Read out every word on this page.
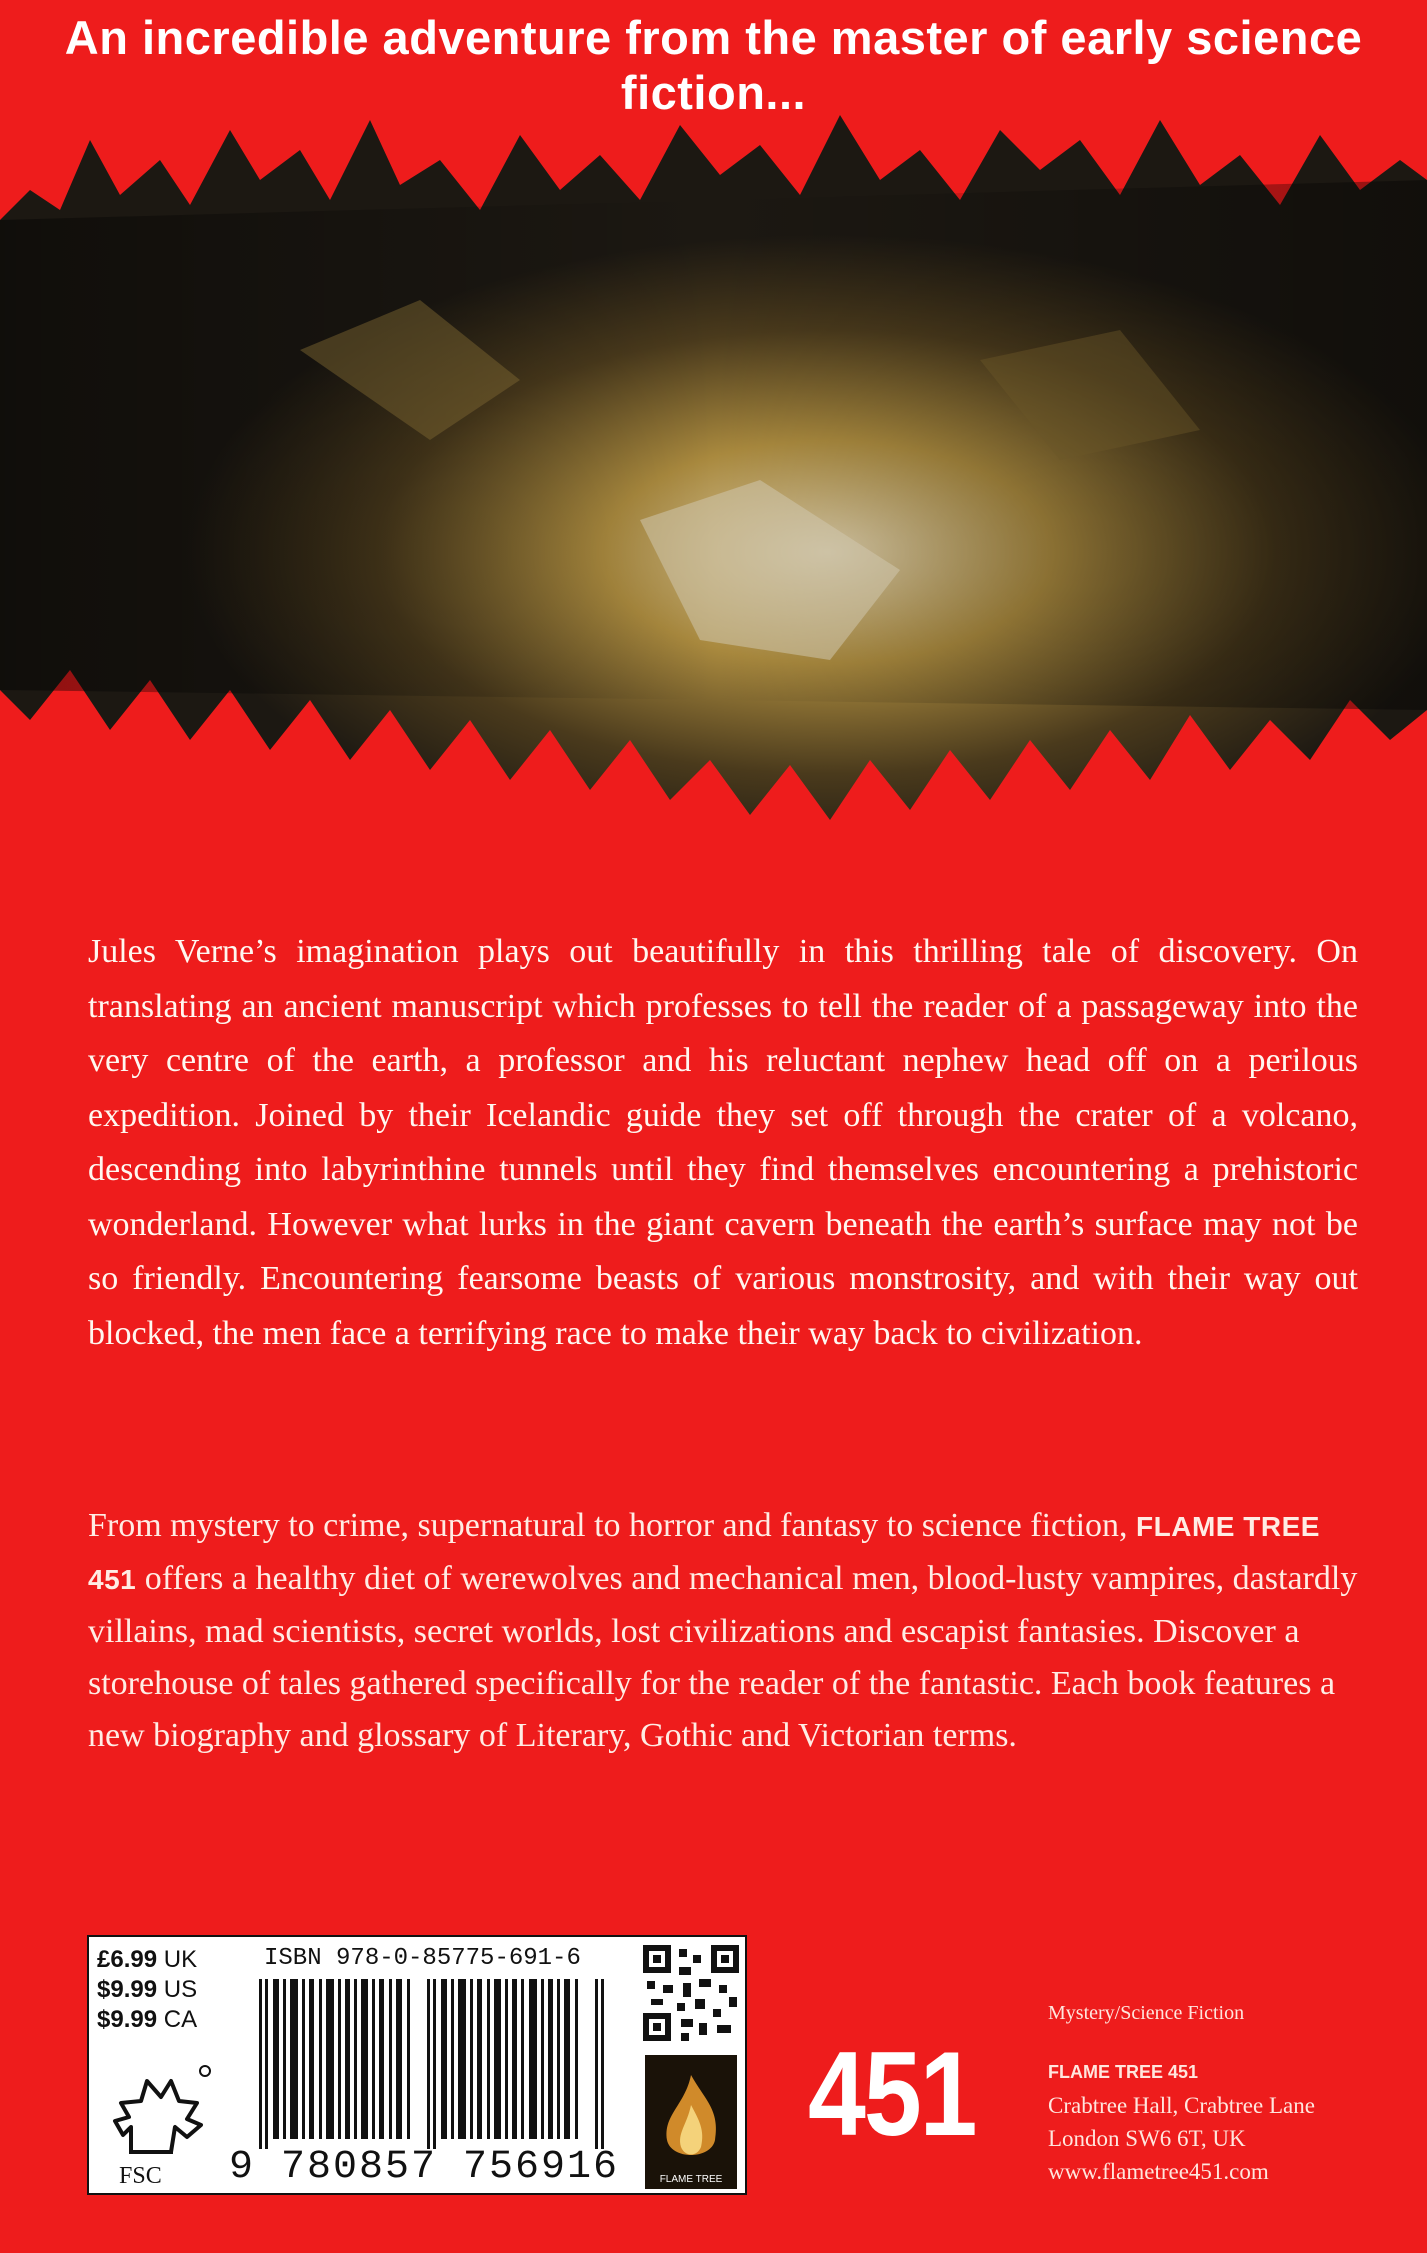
An incredible adventure from the master of early science fiction...
Jules Verne’s imagination plays out beautifully in this thrilling tale of discovery. On translating an ancient manuscript which professes to tell the reader of a passageway into the very centre of the earth, a professor and his reluctant nephew head off on a perilous expedition. Joined by their Icelandic guide they set off through the crater of a volcano, descending into labyrinthine tunnels until they find themselves encountering a prehistoric wonderland. However what lurks in the giant cavern beneath the earth’s surface may not be so friendly. Encountering fearsome beasts of various monstrosity, and with their way out blocked, the men face a terrifying race to make their way back to civilization.
From mystery to crime, supernatural to horror and fantasy to science fiction, FLAME TREE 451 offers a healthy diet of werewolves and mechanical men, blood-lusty vampires, dastardly villains, mad scientists, secret worlds, lost civilizations and escapist fantasies. Discover a storehouse of tales gathered specifically for the reader of the fantastic. Each book features a new biography and glossary of Literary, Gothic and Victorian terms.
£6.99 UK
$9.99 US
$9.99 CA
ISBN 978-0-85775-691-6
9 780857 756916
FSC	FLAME TREE
451
Mystery/Science Fiction
FLAME TREE 451
Crabtree Hall, Crabtree Lane
London SW6 6T, UK
www.flametree451.com
